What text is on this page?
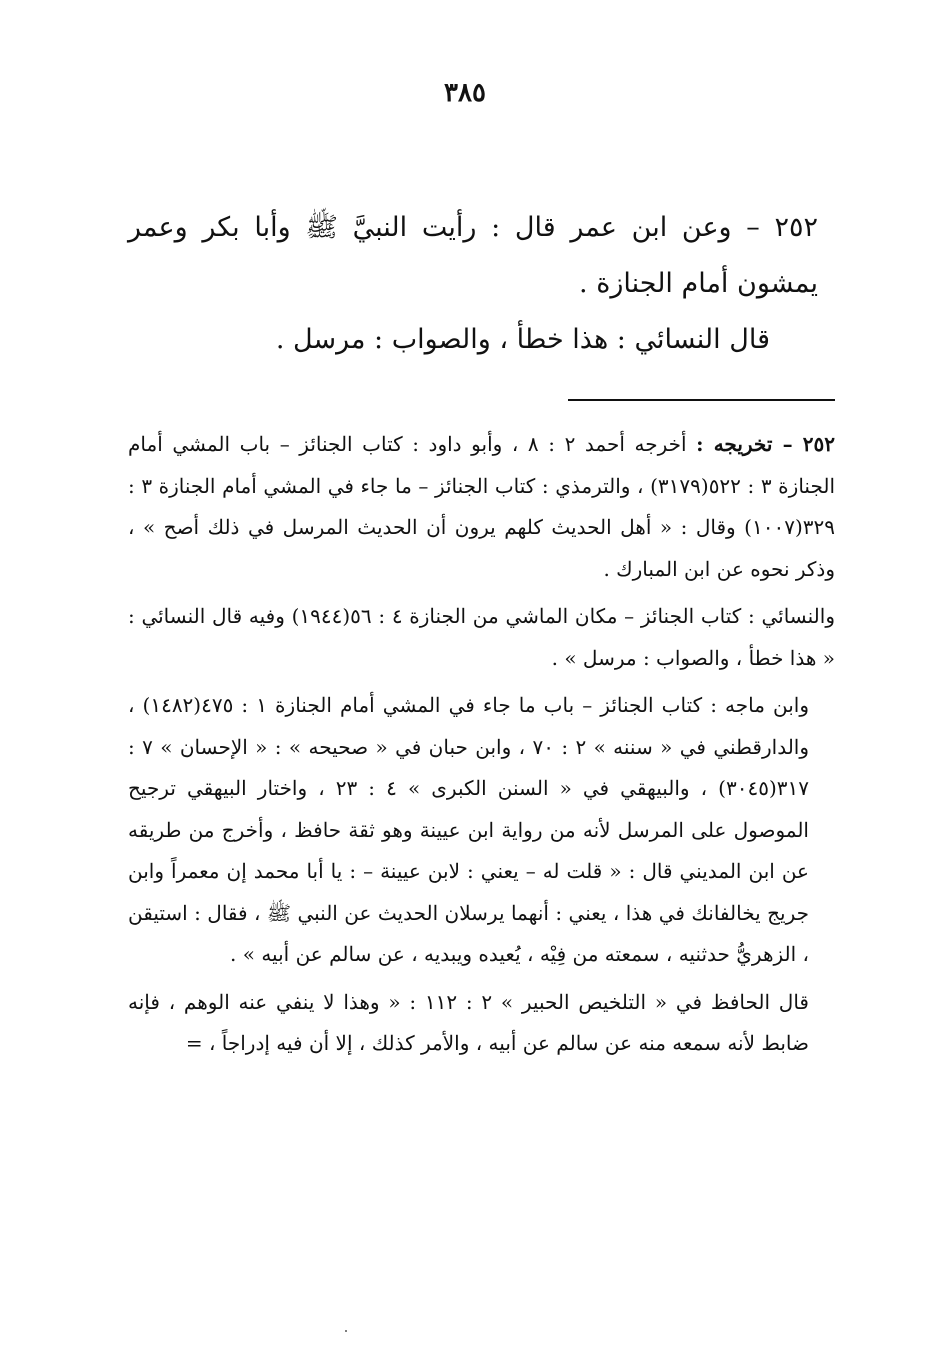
٣٨٥

٢٥٢ – وعن ابن عمر قال : رأيت النبيَّ ﷺ وأبا بكر وعمر يمشون أمام الجنازة .

قال النسائي : هذا خطأ ، والصواب : مرسل .

٢٥٢ – تخريجه : أخرجه أحمد ٢ : ٨ ، وأبو داود : كتاب الجنائز – باب المشي أمام الجنازة ٣ : ٥٢٢(٣١٧٩) ، والترمذي : كتاب الجنائز – ما جاء في المشي أمام الجنازة ٣ : ٣٢٩(١٠٠٧) وقال : « أهل الحديث كلهم يرون أن الحديث المرسل في ذلك أصح » ، وذكر نحوه عن ابن المبارك .

والنسائي : كتاب الجنائز – مكان الماشي من الجنازة ٤ : ٥٦(١٩٤٤) وفيه قال النسائي : « هذا خطأ ، والصواب : مرسل » .

وابن ماجه : كتاب الجنائز – باب ما جاء في المشي أمام الجنازة ١ : ٤٧٥(١٤٨٢) ، والدارقطني في « سننه » ٢ : ٧٠ ، وابن حبان في « صحيحه » : « الإحسان » ٧ : ٣١٧(٣٠٤٥) ، والبيهقي في « السنن الكبرى » ٤ : ٢٣ ، واختار البيهقي ترجيح الموصول على المرسل لأنه من رواية ابن عيينة وهو ثقة حافظ ، وأخرج من طريقه عن ابن المديني قال : « قلت له – يعني : لابن عيينة – : يا أبا محمد إن معمراً وابن جريج يخالفانك في هذا ، يعني : أنهما يرسلان الحديث عن النبي ﷺ ، فقال : استيقن ، الزهريُّ حدثنيه ، سمعته من فِيْه ، يُعيده ويبديه ، عن سالم عن أبيه » .

قال الحافظ في « التلخيص الحبير » ٢ : ١١٢ : « وهذا لا ينفي عنه الوهم ، فإنه ضابط لأنه سمعه منه عن سالم عن أبيه ، والأمر كذلك ، إلا أن فيه إدراجاً ، =
